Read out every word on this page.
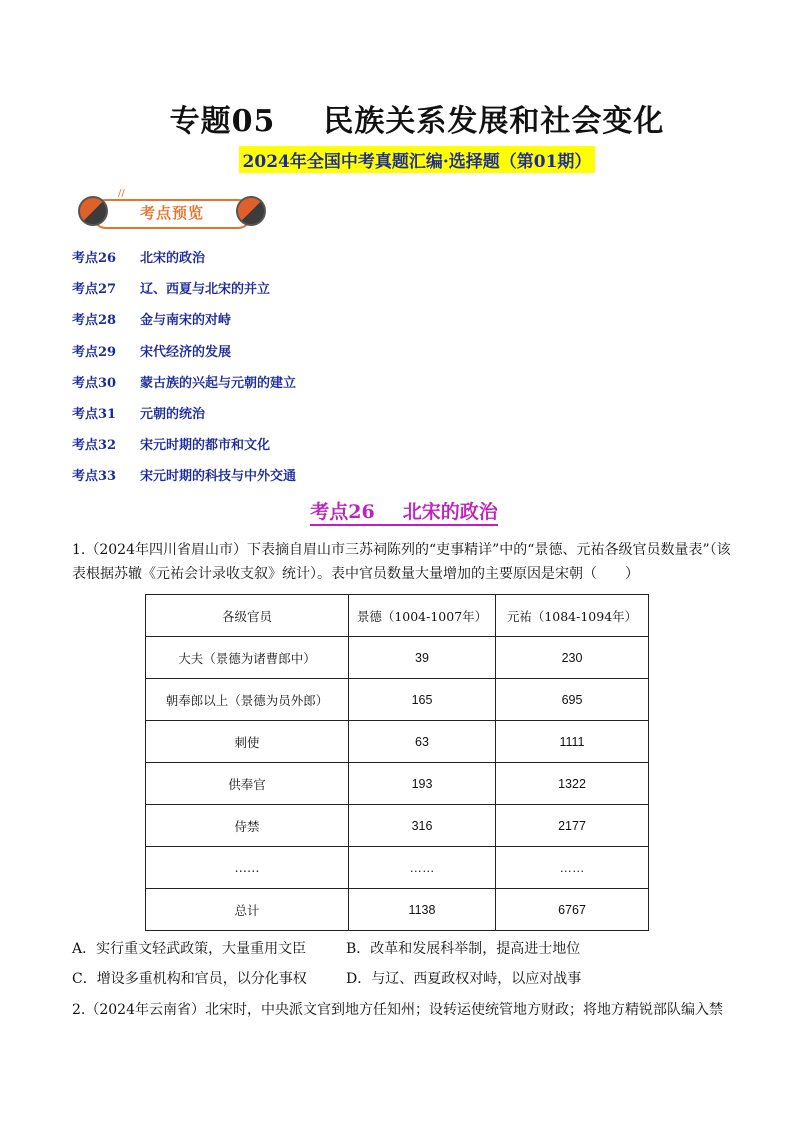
专题05 民族关系发展和社会变化
2024年全国中考真题汇编·选择题（第01期）
//
考点预览
考点26	北宋的政治
考点27	辽、西夏与北宋的并立
考点28	金与南宋的对峙
考点29	宋代经济的发展
考点30	蒙古族的兴起与元朝的建立
考点31	元朝的统治
考点32	宋元时期的都市和文化
考点33	宋元时期的科技与中外交通
考点26 北宋的政治
1.（2024年四川省眉山市）下表摘自眉山市三苏祠陈列的“吏事精详”中的“景德、元祐各级官员数量表”（该
表根据苏辙《元祐会计录收支叙》统计）。表中官员数量大量增加的主要原因是宋朝（　　）
各级官员	景德（1004-1007年）	元祐（1084-1094年）
大夫（景德为诸曹郎中）	39	230
朝奉郎以上（景德为员外郎）	165	695
刺使	63	1111
供奉官	193	1322
侍禁	316	2177
……	……	……
总计	1138	6767
A．实行重文轻武政策，大量重用文臣	B．改革和发展科举制，提高进士地位
C．增设多重机构和官员，以分化事权	D．与辽、西夏政权对峙，以应对战事
2.（2024年云南省）北宋时，中央派文官到地方任知州；设转运使统管地方财政；将地方精锐部队编入禁
